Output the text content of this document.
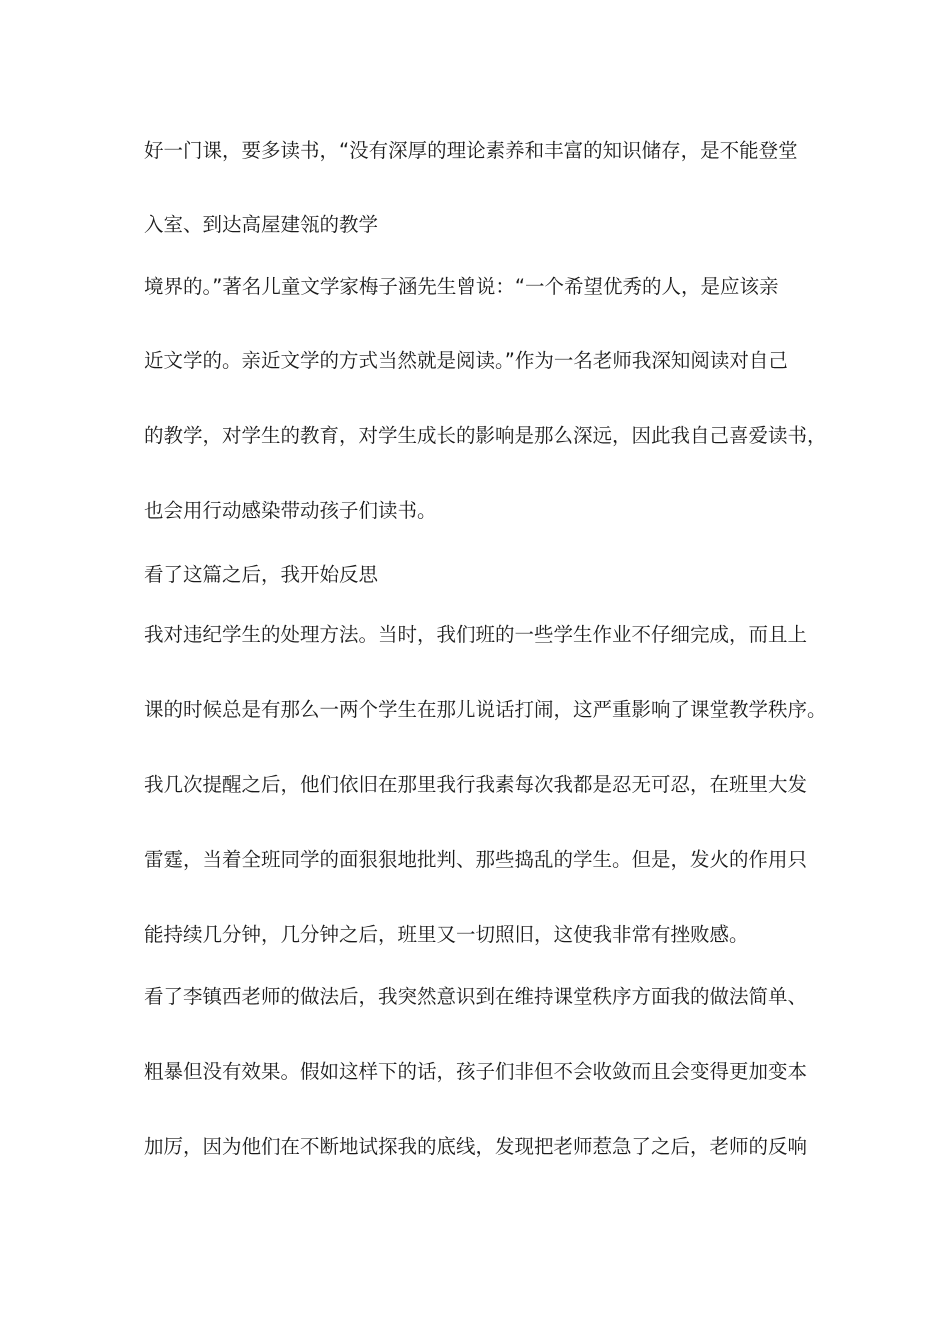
好一门课，要多读书，“没有深厚的理论素养和丰富的知识储存，是不能登堂
入室、到达高屋建瓴的教学
境界的。”著名儿童文学家梅子涵先生曾说：“一个希望优秀的人，是应该亲
近文学的。亲近文学的方式当然就是阅读。”作为一名老师我深知阅读对自己
的教学，对学生的教育，对学生成长的影响是那么深远，因此我自己喜爱读书，
也会用行动感染带动孩子们读书。
看了这篇之后，我开始反思
我对违纪学生的处理方法。当时，我们班的一些学生作业不仔细完成，而且上
课的时候总是有那么一两个学生在那儿说话打闹，这严重影响了课堂教学秩序。
我几次提醒之后，他们依旧在那里我行我素每次我都是忍无可忍，在班里大发
雷霆，当着全班同学的面狠狠地批判、那些捣乱的学生。但是，发火的作用只
能持续几分钟，几分钟之后，班里又一切照旧，这使我非常有挫败感。
看了李镇西老师的做法后，我突然意识到在维持课堂秩序方面我的做法简单、
粗暴但没有效果。假如这样下的话，孩子们非但不会收敛而且会变得更加变本
加厉，因为他们在不断地试探我的底线，发现把老师惹急了之后，老师的反响
